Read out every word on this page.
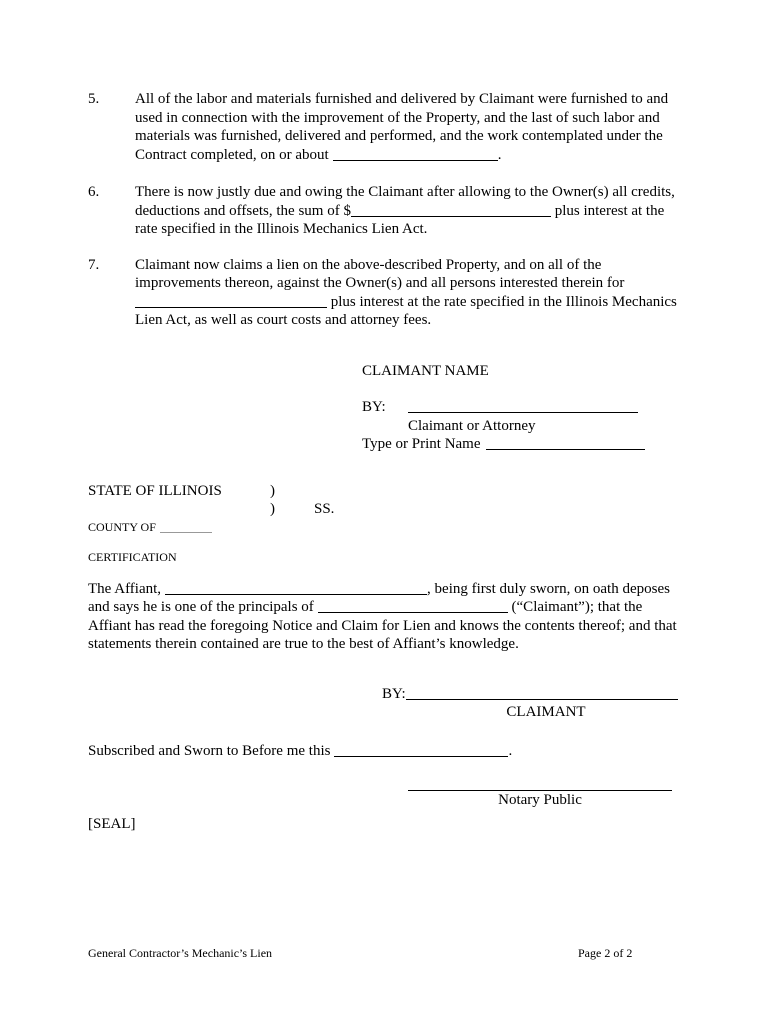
5. All of the labor and materials furnished and delivered by Claimant were furnished to and used in connection with the improvement of the Property, and the last of such labor and materials was furnished, delivered and performed, and the work contemplated under the Contract completed, on or about	.
6. There is now justly due and owing the Claimant after allowing to the Owner(s) all credits, deductions and offsets, the sum of $	plus interest at the rate specified in the Illinois Mechanics Lien Act.
7. Claimant now claims a lien on the above-described Property, and on all of the improvements thereon, against the Owner(s) and all persons interested therein for plus interest at the rate specified in the Illinois Mechanics Lien Act, as well as court costs and attorney fees.
CLAIMANT NAME
BY:
Claimant or Attorney
Type or Print Name
STATE OF ILLINOIS	)
)	SS.
COUNTY OF
CERTIFICATION
The Affiant,	, being first duly sworn, on oath deposes and says he is one of the principals of	(“Claimant”); that the Affiant has read the foregoing Notice and Claim for Lien and knows the contents thereof; and that statements therein contained are true to the best of Affiant’s knowledge.
BY:
CLAIMANT
Subscribed and Sworn to Before me this	.
Notary Public
[SEAL]
General Contractor’s Mechanic’s Lien	Page 2 of 2
